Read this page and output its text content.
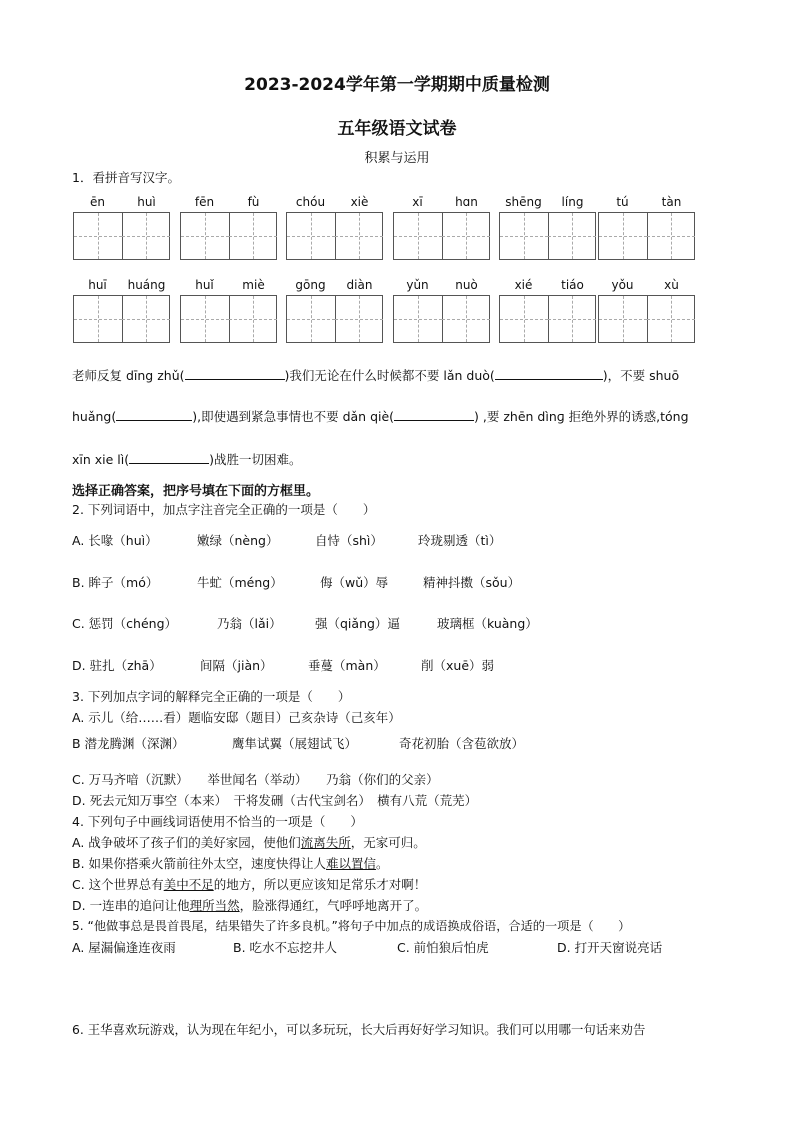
2023-2024学年第一学期期中质量检测
五年级语文试卷
积累与运用
1．看拼音写汉字。
ēn	huì	fēn	fù	chóu	xiè	xī	hɑn	shēng	líng	tú	tàn
huī	huáng	huǐ	miè	gōng	diàn	yǔn	nuò	xié	tiáo	yǒu	xù
老师反复 dīng zhǔ(	)我们无论在什么时候都不要 lǎn duò(	)，不要 shuō
huǎng(	),即使遇到紧急事情也不要 dǎn qiè(	) ,要 zhēn dìnɡ 拒绝外界的诱惑,tóng
xīn xie lì(	)战胜一切困难。
选择正确答案，把序号填在下面的方框里。
2. 下列词语中，加点字注音完全正确的一项是（　　）
A. 长喙（huì）	嫩绿（nèng）	自恃（shì）	玲珑剔透（tì）
B. 眸子（mó）	牛虻（méng）	侮（wǔ）辱	精神抖擞（sǒu）
C. 惩罚（chéng）	乃翁（lǎi）	强（qiǎng）逼	玻璃框（kuàng）
D. 驻扎（zhā）	间隔（jiàn）	垂蔓（màn）	削（xuē）弱
3. 下列加点字词的解释完全正确的一项是（　　）
A. 示儿（给……看）题临安邸（题目）己亥杂诗（己亥年）
B 潜龙腾渊（深渊）	鹰隼试翼（展翅试飞）	奇花初胎（含苞欲放）
C. 万马齐喑（沉默）　　举世闻名（举动）　　乃翁（你们的父亲）
D. 死去元知万事空（本来）　干将发硎（古代宝剑名）　横有八荒（荒芜）
4. 下列句子中画线词语使用不恰当的一项是（　　）
A. 战争破坏了孩子们的美好家园，使他们流离失所，无家可归。
B. 如果你搭乘火箭前往外太空，速度快得让人难以置信。
C. 这个世界总有美中不足的地方，所以更应该知足常乐才对啊！
D. 一连串的追问让他理所当然，脸涨得通红，气呼呼地离开了。
5. “他做事总是畏首畏尾，结果错失了许多良机。”将句子中加点的成语换成俗语，合适的一项是（　　）
A. 屋漏偏逢连夜雨	B. 吃水不忘挖井人	C. 前怕狼后怕虎	D. 打开天窗说亮话
6. 王华喜欢玩游戏，认为现在年纪小，可以多玩玩，长大后再好好学习知识。我们可以用哪一句话来劝告
